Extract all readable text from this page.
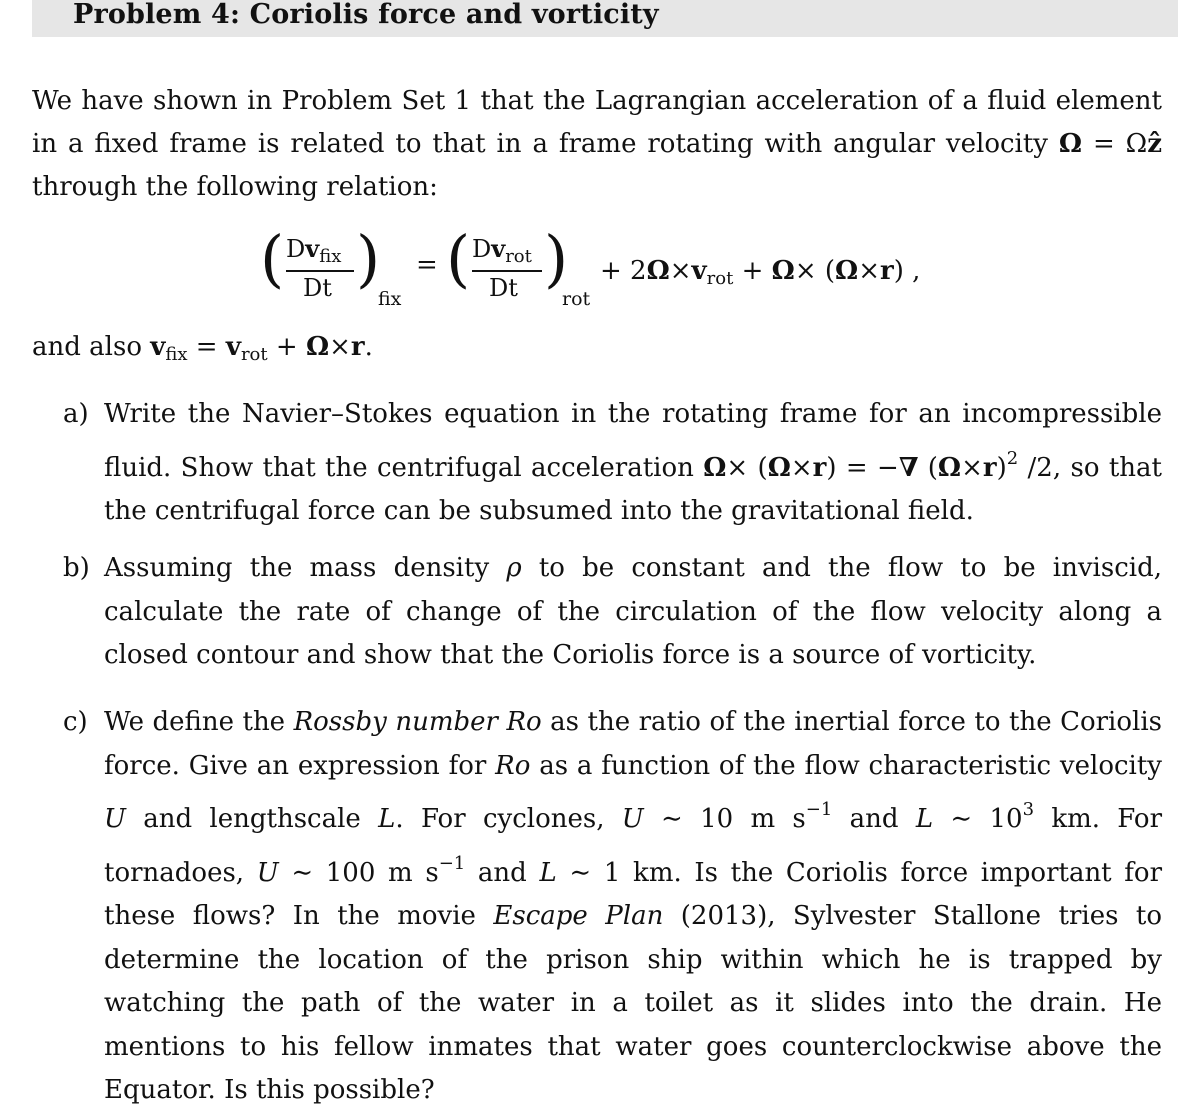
Problem 4: Coriolis force and vorticity
We have shown in Problem Set 1 that the Lagrangian acceleration of a fluid element in a fixed frame is related to that in a frame rotating with angular velocity Ω = Ωẑ through the following relation:
( $Dv_{fix}$
Dt )
fix
= ( $Dv_{rot}$
Dt )
rot
+ $2\Omega\times v_{rot} + \Omega\times (\Omega\times r)$ ,
and also $v_{fix} = v_{rot} + \Omega\times r$.
a) Write the Navier–Stokes equation in the rotating frame for an incompressible fluid. Show that the centrifugal acceleration Ω× (Ω×r) = −∇ $(\Omega\times r)^2$ /2, so that the centrifugal force can be subsumed into the gravitational field.
b) Assuming the mass density ρ to be constant and the flow to be inviscid, calculate the rate of change of the circulation of the flow velocity along a closed contour and show that the Coriolis force is a source of vorticity.
c) We define the Rossby number Ro as the ratio of the inertial force to the Coriolis force. Give an expression for Ro as a function of the flow characteristic velocity U and lengthscale L. For cyclones, U ∼ 10 m $s^{-1}$ and L ∼ $10^3$ km. For tornadoes, U ∼ 100 m $s^{-1}$ and L ∼ 1 km. Is the Coriolis force important for these flows? In the movie Escape Plan (2013), Sylvester Stallone tries to determine the location of the prison ship within which he is trapped by watching the path of the water in a toilet as it slides into the drain. He mentions to his fellow inmates that water goes counterclockwise above the Equator. Is this possible?
